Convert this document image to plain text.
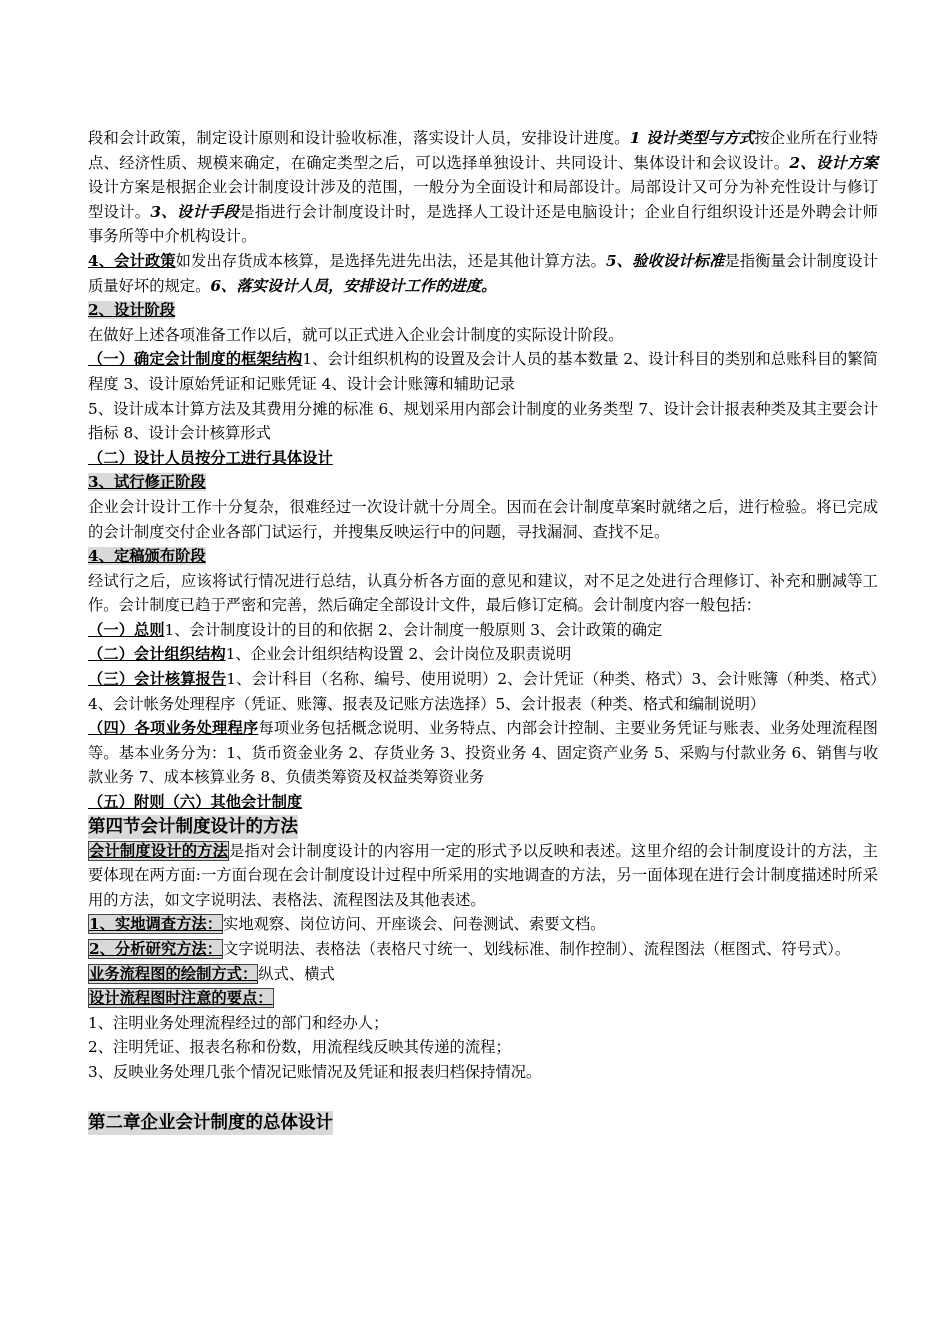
段和会计政策，制定设计原则和设计验收标准，落实设计人员，安排设计进度。1 设计类型与方式按企业所在行业特点、经济性质、规模来确定，在确定类型之后，可以选择单独设计、共同设计、集体设计和会议设计。2、设计方案设计方案是根据企业会计制度设计涉及的范围，一般分为全面设计和局部设计。局部设计又可分为补充性设计与修订型设计。3、设计手段是指进行会计制度设计时，是选择人工设计还是电脑设计；企业自行组织设计还是外聘会计师事务所等中介机构设计。

4、会计政策如发出存货成本核算，是选择先进先出法，还是其他计算方法。5、验收设计标准是指衡量会计制度设计质量好坏的规定。6、落实设计人员，安排设计工作的进度。

2、设计阶段

在做好上述各项准备工作以后，就可以正式进入企业会计制度的实际设计阶段。

（一）确定会计制度的框架结构1、会计组织机构的设置及会计人员的基本数量 2、设计科目的类别和总账科目的繁简程度 3、设计原始凭证和记账凭证 4、设计会计账簿和辅助记录

5、设计成本计算方法及其费用分摊的标准 6、规划采用内部会计制度的业务类型 7、设计会计报表种类及其主要会计指标 8、设计会计核算形式

（二）设计人员按分工进行具体设计

3、试行修正阶段

企业会计设计工作十分复杂，很难经过一次设计就十分周全。因而在会计制度草案时就绪之后，进行检验。将已完成的会计制度交付企业各部门试运行，并搜集反映运行中的问题，寻找漏洞、查找不足。

4、定稿颁布阶段

经试行之后，应该将试行情况进行总结，认真分析各方面的意见和建议，对不足之处进行合理修订、补充和删减等工作。会计制度已趋于严密和完善，然后确定全部设计文件，最后修订定稿。会计制度内容一般包括：

（一）总则1、会计制度设计的目的和依据 2、会计制度一般原则 3、会计政策的确定

（二）会计组织结构1、企业会计组织结构设置 2、会计岗位及职责说明

（三）会计核算报告1、会计科目（名称、编号、使用说明）2、会计凭证（种类、格式）3、会计账簿（种类、格式）4、会计帐务处理程序（凭证、账簿、报表及记账方法选择）5、会计报表（种类、格式和编制说明）

（四）各项业务处理程序每项业务包括概念说明、业务特点、内部会计控制、主要业务凭证与账表、业务处理流程图等。基本业务分为：1、货币资金业务 2、存货业务 3、投资业务 4、固定资产业务 5、采购与付款业务 6、销售与收款业务 7、成本核算业务 8、负债类筹资及权益类筹资业务

（五）附则（六）其他会计制度

第四节会计制度设计的方法

会计制度设计的方法是指对会计制度设计的内容用一定的形式予以反映和表述。这里介绍的会计制度设计的方法，主要体现在两方面:一方面台现在会计制度设计过程中所采用的实地调查的方法，另一面体现在进行会计制度描述时所采用的方法，如文字说明法、表格法、流程图法及其他表述。

1、实地调查方法：实地观察、岗位访问、开座谈会、问卷测试、索要文档。

2、分析研究方法：文字说明法、表格法（表格尺寸统一、划线标准、制作控制）、流程图法（框图式、符号式）。

业务流程图的绘制方式：纵式、横式

设计流程图时注意的要点：

1、注明业务处理流程经过的部门和经办人；

2、注明凭证、报表名称和份数，用流程线反映其传递的流程；

3、反映业务处理几张个情况记账情况及凭证和报表归档保持情况。

第二章企业会计制度的总体设计
